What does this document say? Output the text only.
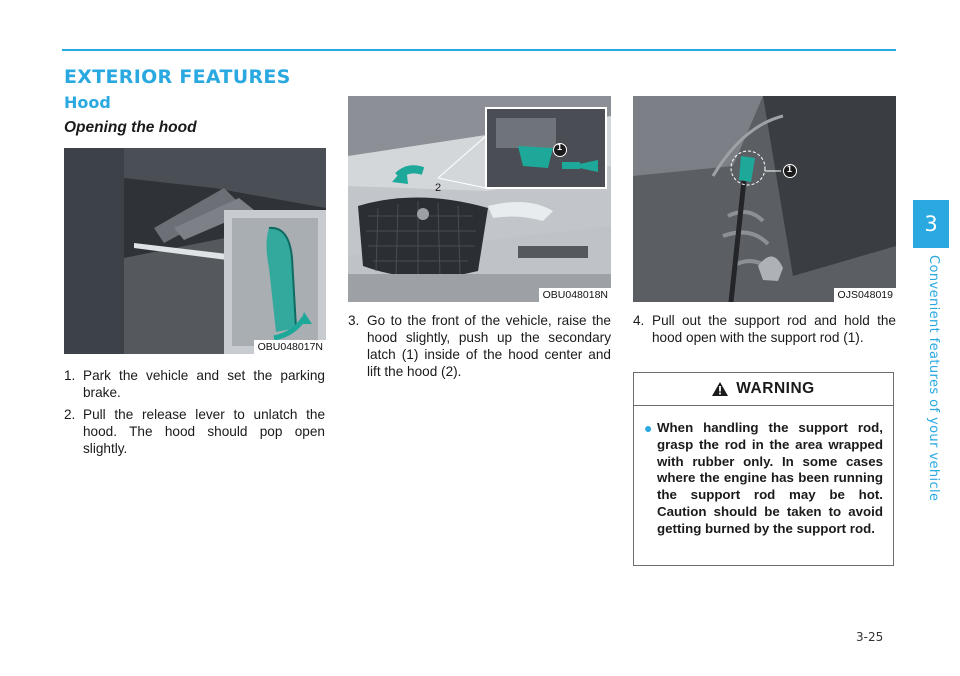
EXTERIOR FEATURES
Hood
Opening the hood
OBU048017N
1
2
OBU048018N
1
OJS048019
1. Park the vehicle and set the parking brake.
2. Pull the release lever to unlatch the hood. The hood should pop open slightly.
3. Go to the front of the vehicle, raise the hood slightly, push up the secondary latch (1) inside of the hood center and lift the hood (2).
4. Pull out the support rod and hold the hood open with the support rod (1).
WARNING
● When handling the support rod, grasp the rod in the area wrapped with rubber only. In some cases where the engine has been running the support rod may be hot. Caution should be taken to avoid getting burned by the support rod.
3-25
3
Convenient features of your vehicle
